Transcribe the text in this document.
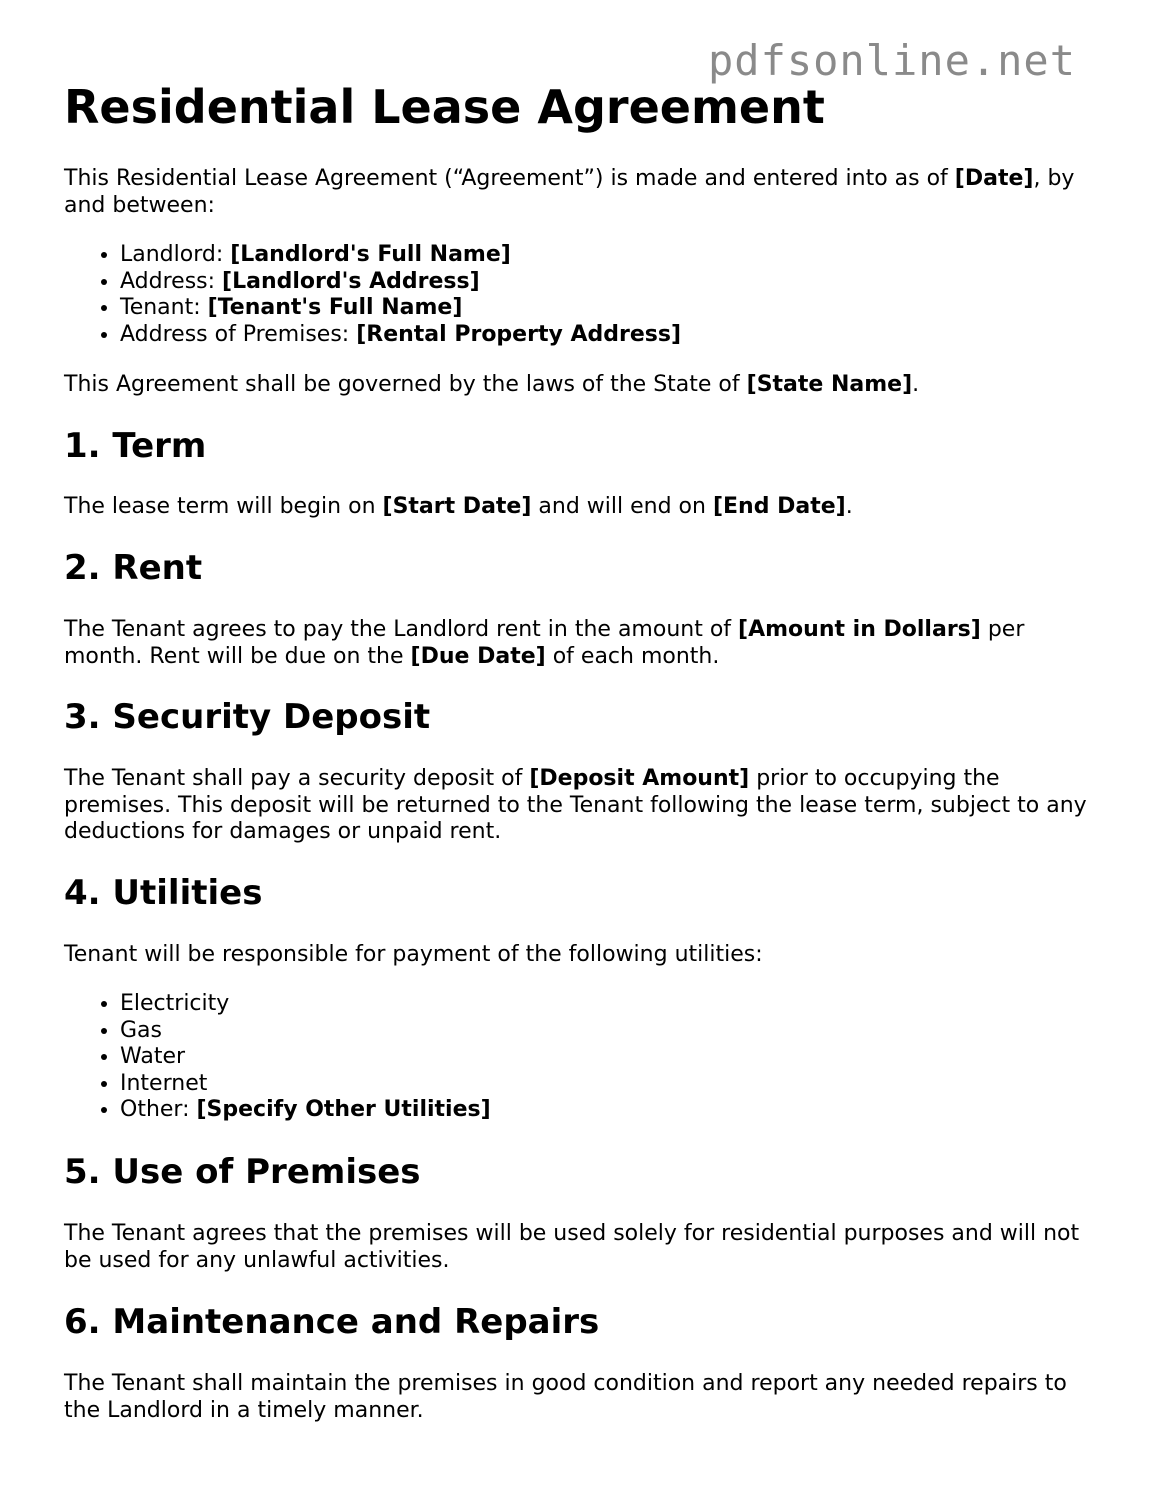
pdfsonline.net
Residential Lease Agreement

This Residential Lease Agreement (“Agreement”) is made and entered into as of [Date], by and between:

• Landlord: [Landlord's Full Name]
• Address: [Landlord's Address]
• Tenant: [Tenant's Full Name]
• Address of Premises: [Rental Property Address]

This Agreement shall be governed by the laws of the State of [State Name].

1. Term

The lease term will begin on [Start Date] and will end on [End Date].

2. Rent

The Tenant agrees to pay the Landlord rent in the amount of [Amount in Dollars] per month. Rent will be due on the [Due Date] of each month.

3. Security Deposit

The Tenant shall pay a security deposit of [Deposit Amount] prior to occupying the premises. This deposit will be returned to the Tenant following the lease term, subject to any deductions for damages or unpaid rent.

4. Utilities

Tenant will be responsible for payment of the following utilities:

• Electricity
• Gas
• Water
• Internet
• Other: [Specify Other Utilities]
5. Use of Premises

The Tenant agrees that the premises will be used solely for residential purposes and will not be used for any unlawful activities.

6. Maintenance and Repairs

The Tenant shall maintain the premises in good condition and report any needed repairs to the Landlord in a timely manner.
